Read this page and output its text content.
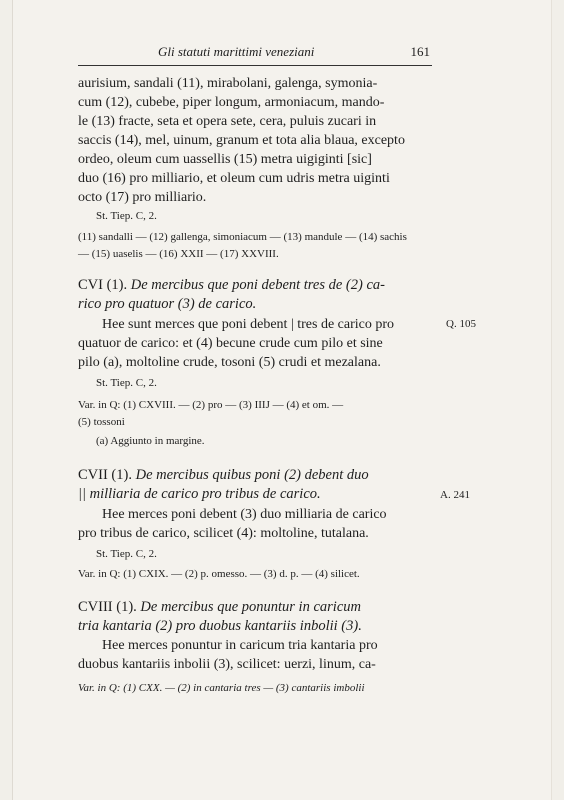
Gli statuti marittimi veneziani	161
aurisium, sandali (11), mirabolani, galenga, symonia-
cum (12), cubebe, piper longum, armoniacum, mando-
le (13) fracte, seta et opera sete, cera, puluis zucari in
saccis (14), mel, uinum, granum et tota alia blaua, excepto
ordeo, oleum cum uassellis (15) metra uigiginti [sic]
duo (16) pro milliario, et oleum cum udris metra uiginti
octo (17) pro milliario.
St. Tiep. C, 2.
(11) sandalli — (12) gallenga, simoniacum — (13) mandule — (14) sachis
— (15) uaselis — (16) XXII — (17) XXVIII.
CVI (1). De mercibus que poni debent tres de (2) ca-
rico pro quatuor (3) de carico.
Hee sunt merces que poni debent | tres de carico pro
quatuor de carico: et (4) becune crude cum pilo et sine
pilo (a), moltoline crude, tosoni (5) crudi et mezalana.
Q. 105
St. Tiep. C, 2.
Var. in Q: (1) CXVIII. — (2) pro — (3) IIIJ — (4) et om. —
(5) tossoni
(a) Aggiunto in margine.
CVII (1). De mercibus quibus poni (2) debent duo
|| milliaria de carico pro tribus de carico.	A. 241
Hee merces poni debent (3) duo milliaria de carico
pro tribus de carico, scilicet (4): moltoline, tutalana.
St. Tiep. C, 2.
Var. in Q: (1) CXIX. — (2) p. omesso. — (3) d. p. — (4) silicet.
CVIII (1). De mercibus que ponuntur in caricum
tria kantaria (2) pro duobus kantariis inbolii (3).
Hee merces ponuntur in caricum tria kantaria pro
duobus kantariis inbolii (3), scilicet: uerzi, linum, ca-
Var. in Q: (1) CXX. — (2) in cantaria tres — (3) cantariis imbolii
